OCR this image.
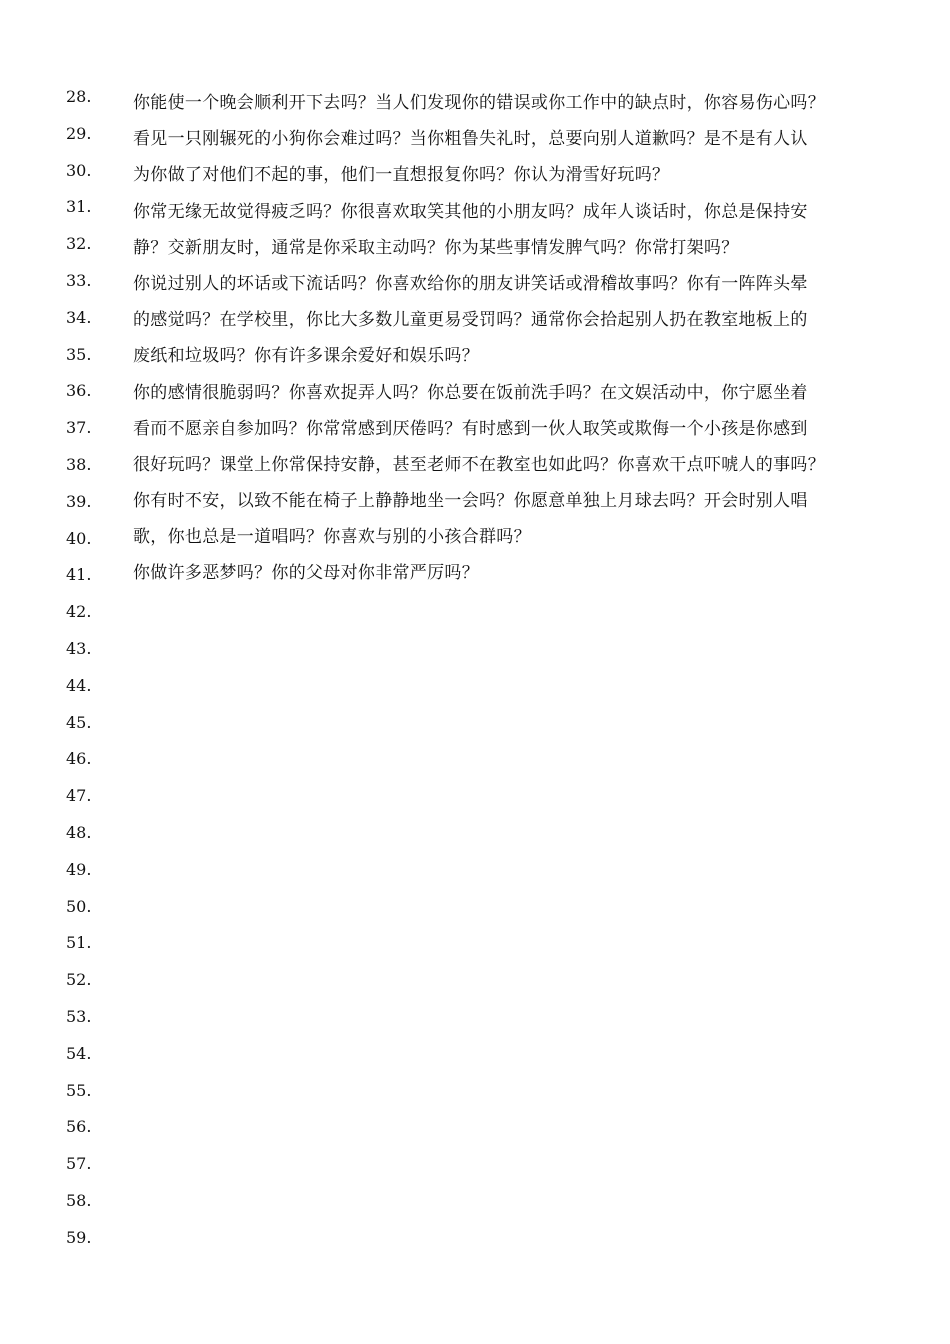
28.
29.
30.
31.
32.
33.
34.
35.
36.
37.
38.
39.
40.
41.
42.
43.
44.
45.
46.
47.
48.
49.
50.
51.
52.
53.
54.
55.
56.
57.
58.
59.
你能使一个晚会顺利开下去吗？当人们发现你的错误或你工作中的缺点时，你容易伤心吗？
看见一只刚辗死的小狗你会难过吗？当你粗鲁失礼时，总要向别人道歉吗？是不是有人认
为你做了对他们不起的事，他们一直想报复你吗？你认为滑雪好玩吗？
你常无缘无故觉得疲乏吗？你很喜欢取笑其他的小朋友吗？成年人谈话时，你总是保持安
静？交新朋友时，通常是你采取主动吗？你为某些事情发脾气吗？你常打架吗？
你说过别人的坏话或下流话吗？你喜欢给你的朋友讲笑话或滑稽故事吗？你有一阵阵头晕
的感觉吗？在学校里，你比大多数儿童更易受罚吗？通常你会拾起别人扔在教室地板上的
废纸和垃圾吗？你有许多课余爱好和娱乐吗？
你的感情很脆弱吗？你喜欢捉弄人吗？你总要在饭前洗手吗？在文娱活动中，你宁愿坐着
看而不愿亲自参加吗？你常常感到厌倦吗？有时感到一伙人取笑或欺侮一个小孩是你感到
很好玩吗？课堂上你常保持安静，甚至老师不在教室也如此吗？你喜欢干点吓唬人的事吗？
你有时不安，以致不能在椅子上静静地坐一会吗？你愿意单独上月球去吗？开会时别人唱
歌，你也总是一道唱吗？你喜欢与别的小孩合群吗？
你做许多恶梦吗？你的父母对你非常严厉吗？
